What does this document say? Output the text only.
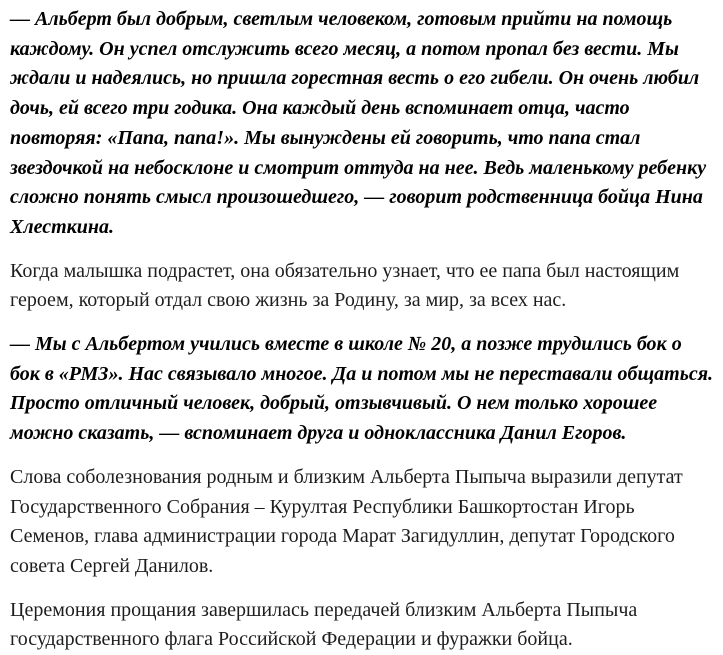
— Альберт был добрым, светлым человеком, готовым прийти на помощь каждому. Он успел отслужить всего месяц, а потом пропал без вести. Мы ждали и надеялись, но пришла горестная весть о его гибели. Он очень любил дочь, ей всего три годика. Она каждый день вспоминает отца, часто повторяя: «Папа, папа!». Мы вынуждены ей говорить, что папа стал звездочкой на небосклоне и смотрит оттуда на нее. Ведь маленькому ребенку сложно понять смысл произошедшего, — говорит родственница бойца Нина Хлесткина.

Когда малышка подрастет, она обязательно узнает, что ее папа был настоящим героем, который отдал свою жизнь за Родину, за мир, за всех нас.

— Мы с Альбертом учились вместе в школе № 20, а позже трудились бок о бок в «РМЗ». Нас связывало многое. Да и потом мы не переставали общаться. Просто отличный человек, добрый, отзывчивый. О нем только хорошее можно сказать, — вспоминает друга и одноклассника Данил Егоров.

Слова соболезнования родным и близким Альберта Пыпыча выразили депутат Государственного Собрания – Курултая Республики Башкортостан Игорь Семенов, глава администрации города Марат Загидуллин, депутат Городского совета Сергей Данилов.

Церемония прощания завершилась передачей близким Альберта Пыпыча государственного флага Российской Федерации и фуражки бойца.
